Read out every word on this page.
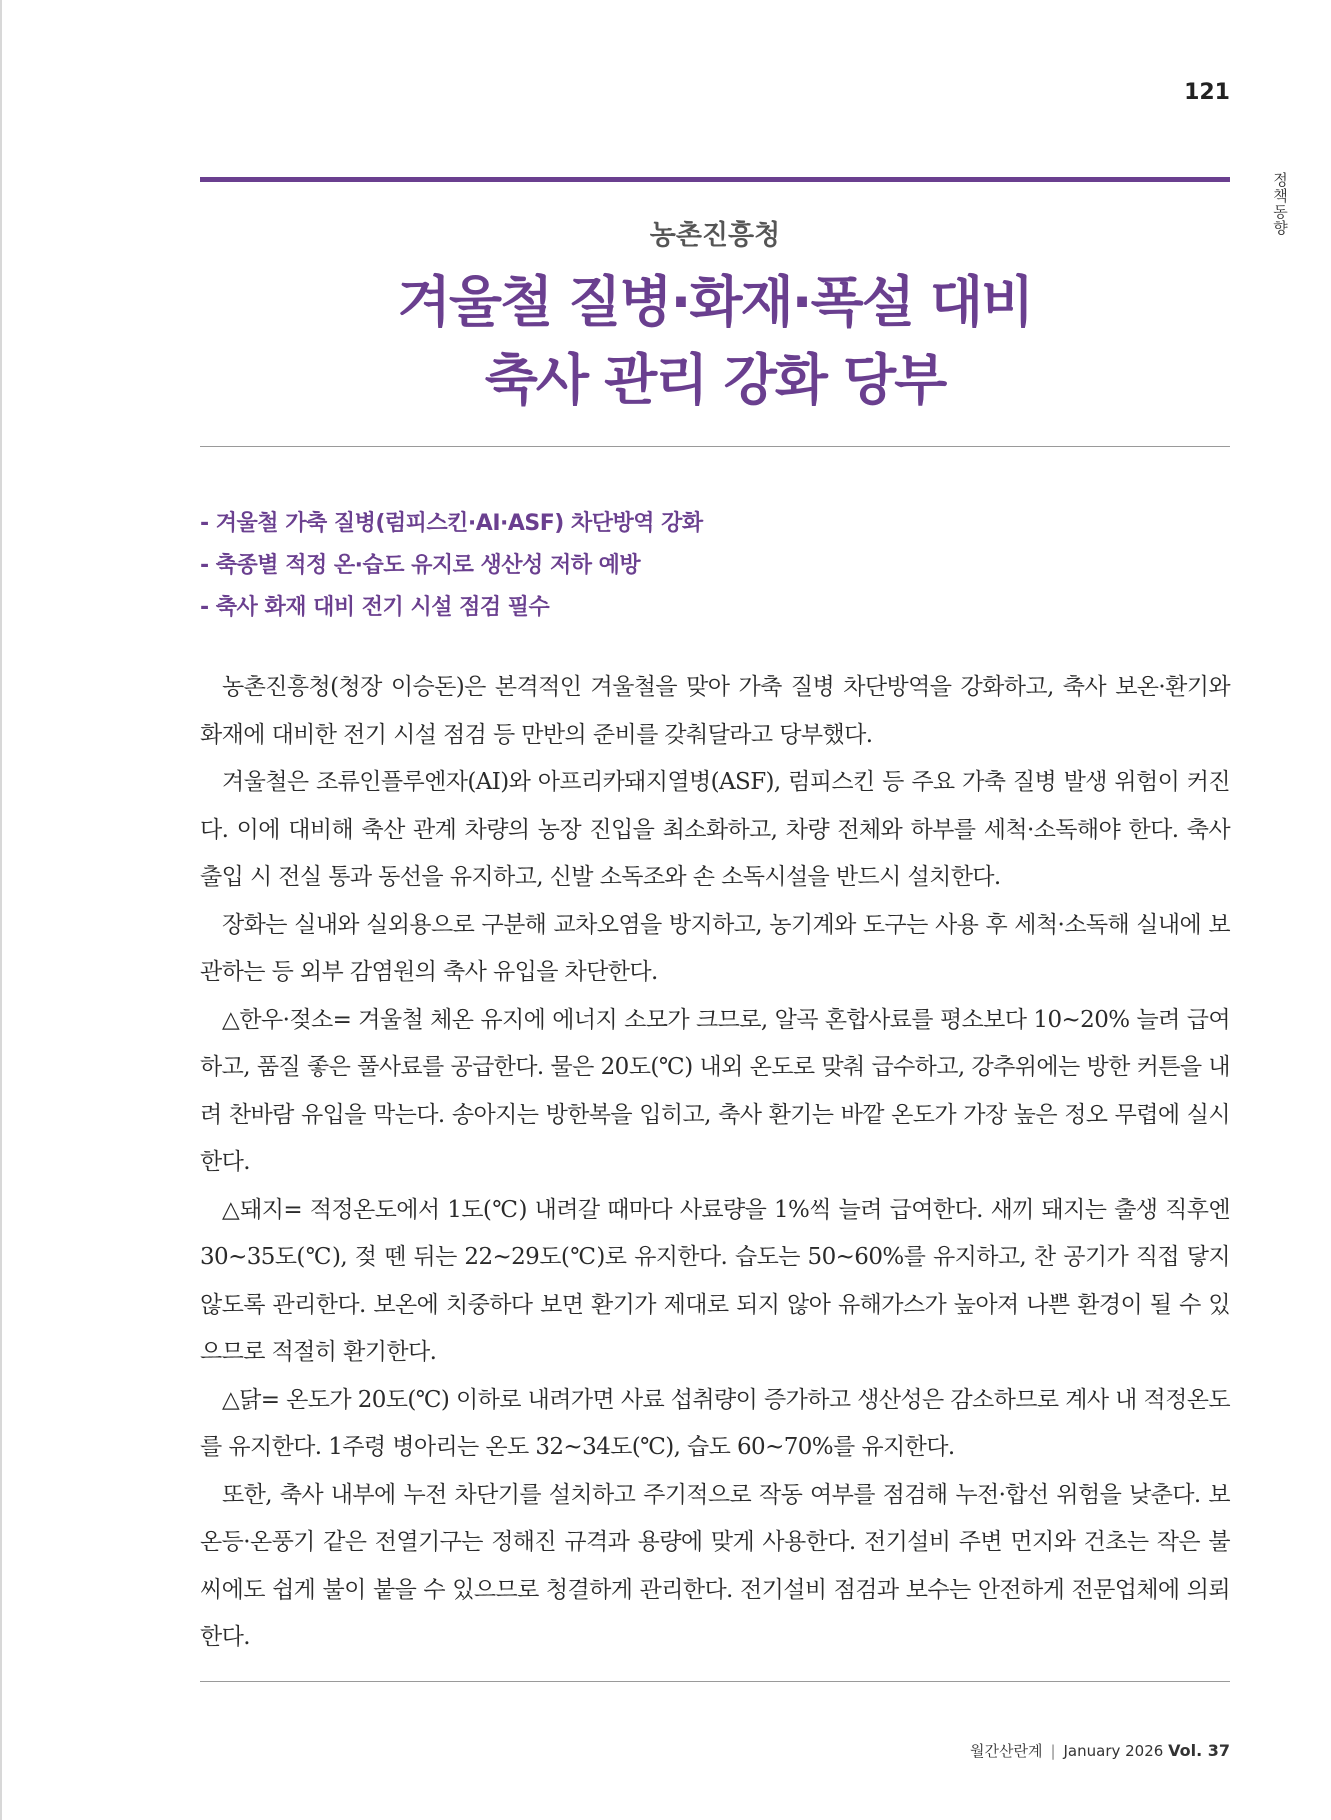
121
정책동향
농촌진흥청
겨울철 질병·화재·폭설 대비
축사 관리 강화 당부
- 겨울철 가축 질병(럼피스킨·AI·ASF) 차단방역 강화
- 축종별 적정 온·습도 유지로 생산성 저하 예방
- 축사 화재 대비 전기 시설 점검 필수

농촌진흥청(청장 이승돈)은 본격적인 겨울철을 맞아 가축 질병 차단방역을 강화하고, 축사 보온·환기와 화재에 대비한 전기 시설 점검 등 만반의 준비를 갖춰달라고 당부했다.

겨울철은 조류인플루엔자(AI)와 아프리카돼지열병(ASF), 럼피스킨 등 주요 가축 질병 발생 위험이 커진다. 이에 대비해 축산 관계 차량의 농장 진입을 최소화하고, 차량 전체와 하부를 세척·소독해야 한다. 축사 출입 시 전실 통과 동선을 유지하고, 신발 소독조와 손 소독시설을 반드시 설치한다.

장화는 실내와 실외용으로 구분해 교차오염을 방지하고, 농기계와 도구는 사용 후 세척·소독해 실내에 보관하는 등 외부 감염원의 축사 유입을 차단한다.

△한우·젖소= 겨울철 체온 유지에 에너지 소모가 크므로, 알곡 혼합사료를 평소보다 10~20% 늘려 급여하고, 품질 좋은 풀사료를 공급한다. 물은 20도(℃) 내외 온도로 맞춰 급수하고, 강추위에는 방한 커튼을 내려 찬바람 유입을 막는다. 송아지는 방한복을 입히고, 축사 환기는 바깥 온도가 가장 높은 정오 무렵에 실시한다.

△돼지= 적정온도에서 1도(℃) 내려갈 때마다 사료량을 1%씩 늘려 급여한다. 새끼 돼지는 출생 직후엔 30~35도(℃), 젖 뗀 뒤는 22~29도(℃)로 유지한다. 습도는 50~60%를 유지하고, 찬 공기가 직접 닿지 않도록 관리한다. 보온에 치중하다 보면 환기가 제대로 되지 않아 유해가스가 높아져 나쁜 환경이 될 수 있으므로 적절히 환기한다.

△닭= 온도가 20도(℃) 이하로 내려가면 사료 섭취량이 증가하고 생산성은 감소하므로 계사 내 적정온도를 유지한다. 1주령 병아리는 온도 32~34도(℃), 습도 60~70%를 유지한다.

또한, 축사 내부에 누전 차단기를 설치하고 주기적으로 작동 여부를 점검해 누전·합선 위험을 낮춘다. 보온등·온풍기 같은 전열기구는 정해진 규격과 용량에 맞게 사용한다. 전기설비 주변 먼지와 건초는 작은 불씨에도 쉽게 불이 붙을 수 있으므로 청결하게 관리한다. 전기설비 점검과 보수는 안전하게 전문업체에 의뢰한다.

월간산란계 | January 2026 Vol. 37
